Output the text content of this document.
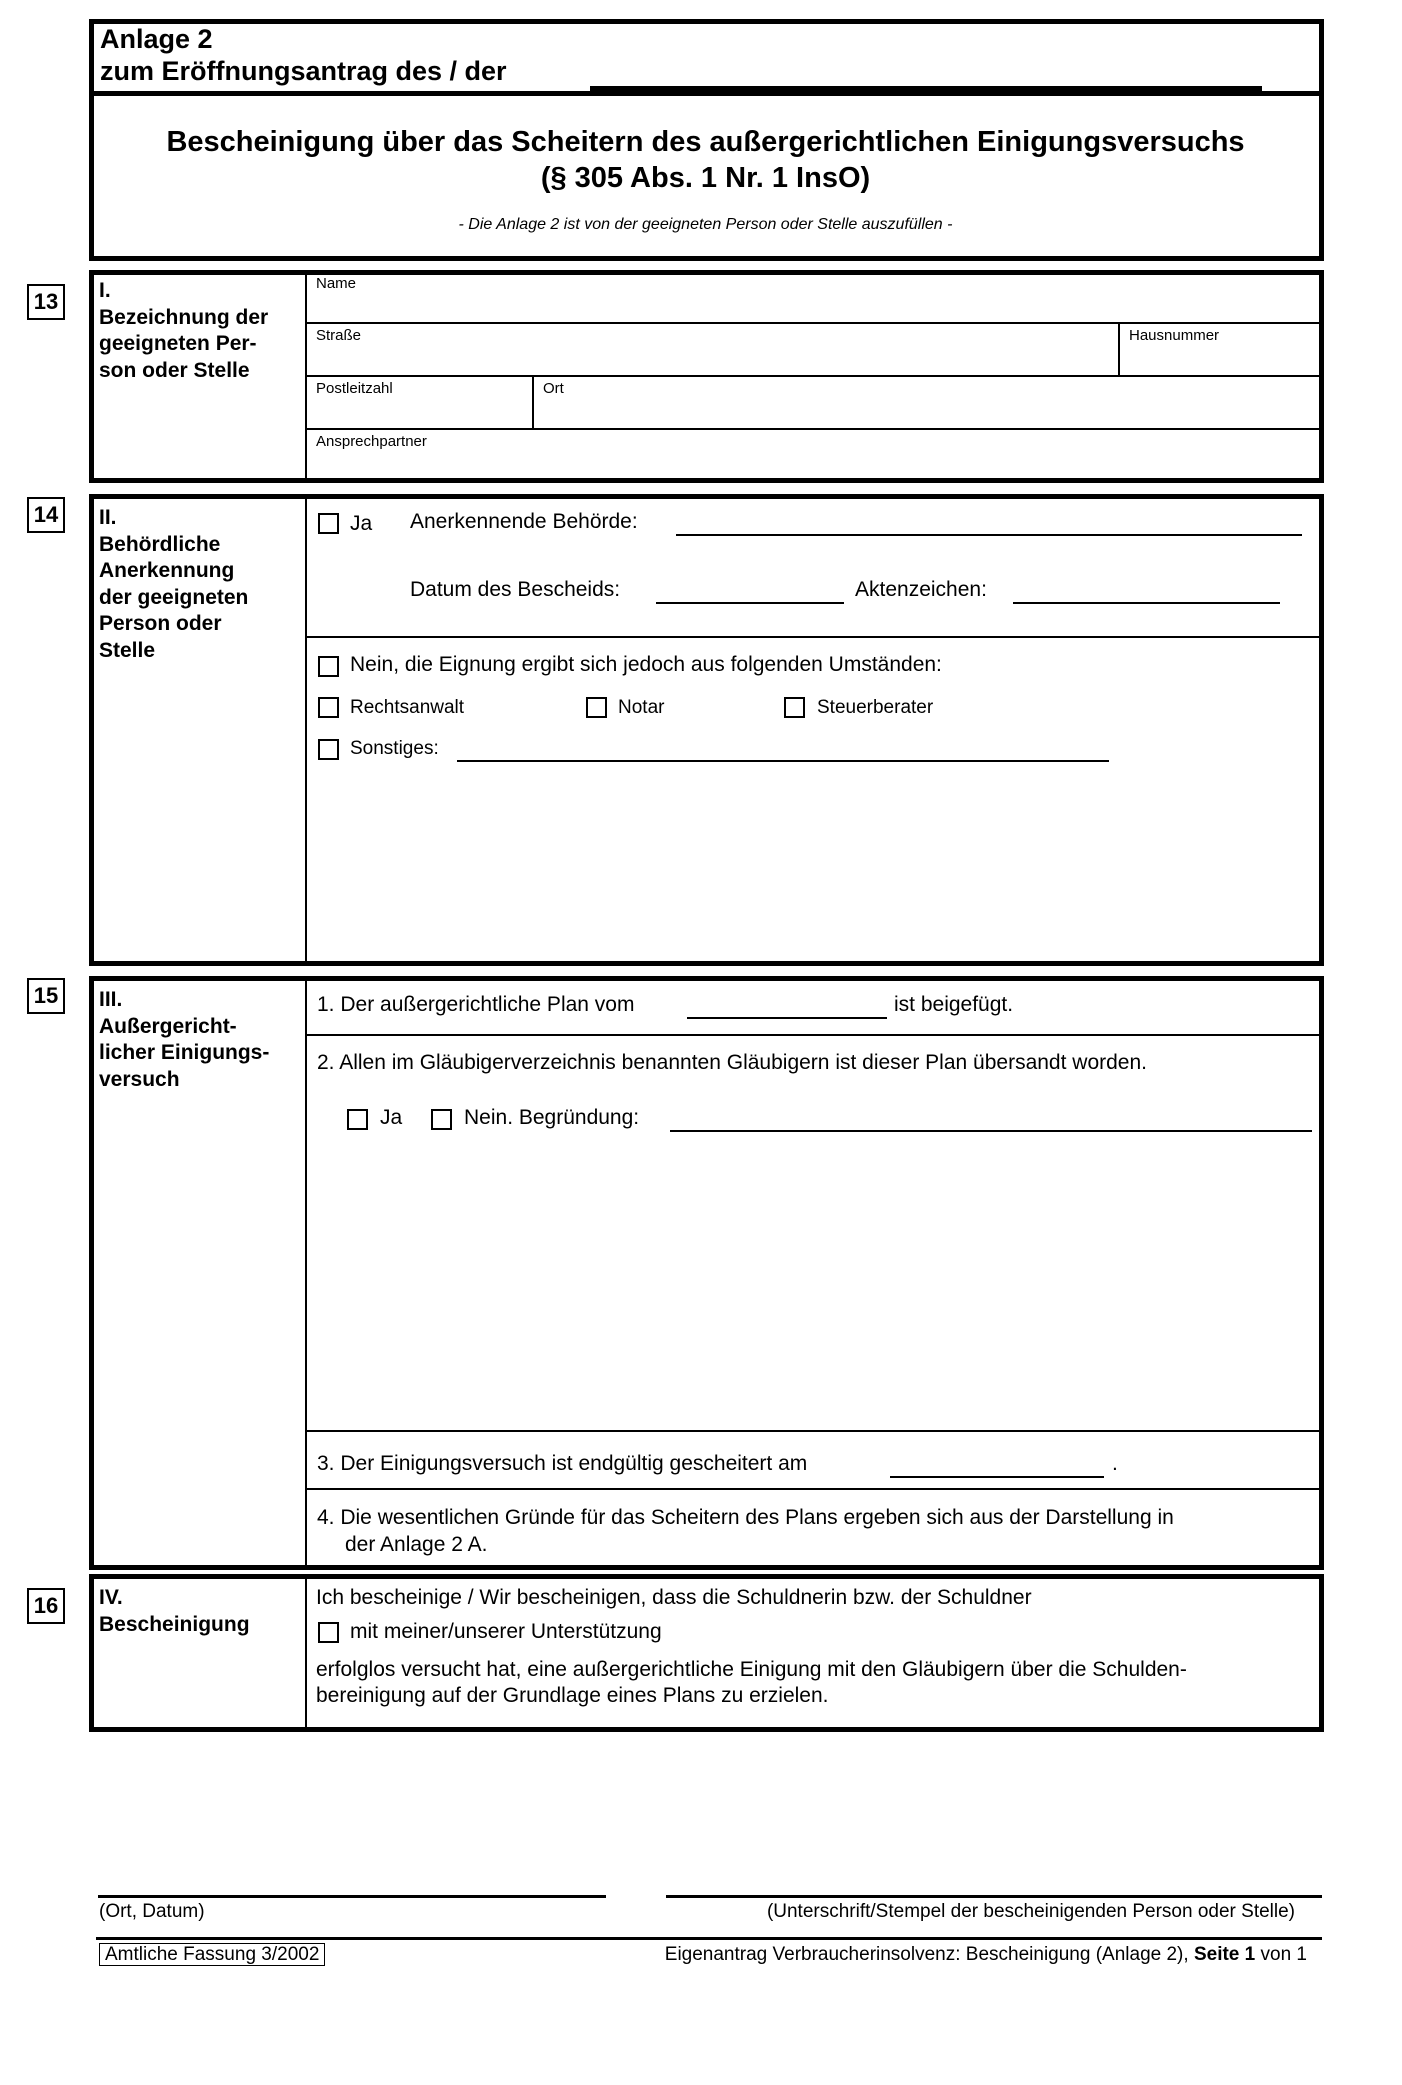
Anlage 2
zum Eröffnungsantrag des / der
Bescheinigung über das Scheitern des außergerichtlichen Einigungsversuchs
(§ 305 Abs. 1 Nr. 1 InsO)
- Die Anlage 2 ist von der geeigneten Person oder Stelle auszufüllen -
13	I.
Bezeichnung der
geeigneten Per-
son oder Stelle
Name
Straße	Hausnummer
Postleitzahl	Ort
Ansprechpartner
14	II.
Behördliche
Anerkennung
der geeigneten
Person oder
Stelle
Ja Anerkennende Behörde:
Datum des Bescheids:	Aktenzeichen:
Nein, die Eignung ergibt sich jedoch aus folgenden Umständen:
Rechtsanwalt	Notar	Steuerberater
Sonstiges:
15	III.
Außergericht-
licher Einigungs-
versuch
1. Der außergerichtliche Plan vom	ist beigefügt.
2. Allen im Gläubigerverzeichnis benannten Gläubigern ist dieser Plan übersandt worden.
Ja	Nein. Begründung:
3. Der Einigungsversuch ist endgültig gescheitert am	.
4. Die wesentlichen Gründe für das Scheitern des Plans ergeben sich aus der Darstellung in
der Anlage 2 A.
16	IV.
Bescheinigung
Ich bescheinige / Wir bescheinigen, dass die Schuldnerin bzw. der Schuldner
mit meiner/unserer Unterstützung
erfolglos versucht hat, eine außergerichtliche Einigung mit den Gläubigern über die Schulden-
bereinigung auf der Grundlage eines Plans zu erzielen.
(Ort, Datum)	(Unterschrift/Stempel der bescheinigenden Person oder Stelle)
Amtliche Fassung 3/2002	Eigenantrag Verbraucherinsolvenz: Bescheinigung (Anlage 2), Seite 1 von 1
